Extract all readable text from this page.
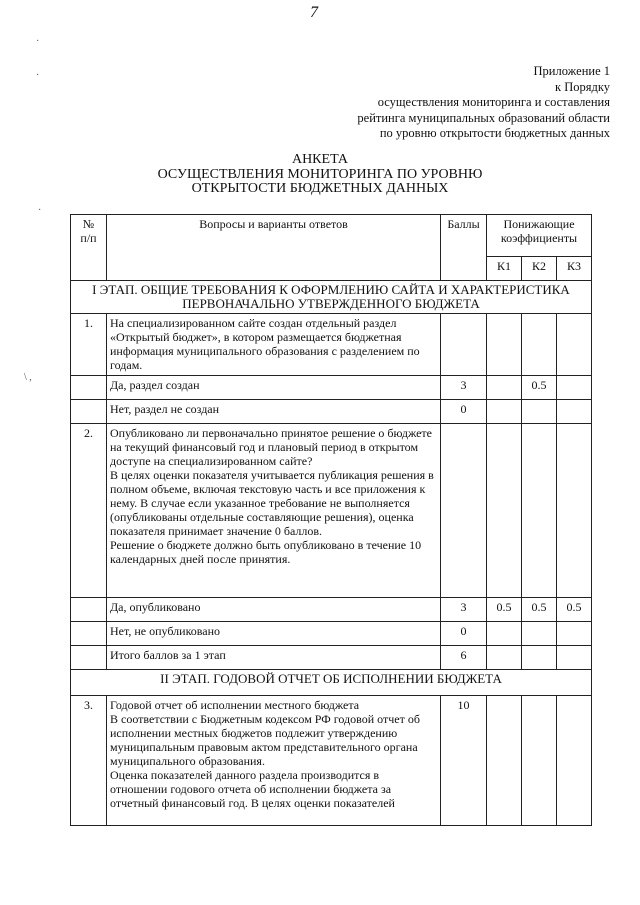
7
·
·
·
\ ,
Приложение 1
к Порядку
осуществления мониторинга и составления
рейтинга муниципальных образований области
по уровню открытости бюджетных данных
АНКЕТА
ОСУЩЕСТВЛЕНИЯ МОНИТОРИНГА ПО УРОВНЮ
ОТКРЫТОСТИ БЮДЖЕТНЫХ ДАННЫХ
№
п/п	Вопросы и варианты ответов	Баллы	Понижающие коэффициенты		
			К1	К2	К3
I ЭТАП. ОБЩИЕ ТРЕБОВАНИЯ К ОФОРМЛЕНИЮ САЙТА И ХАРАКТЕРИСТИКА ПЕРВОНАЧАЛЬНО УТВЕРЖДЕННОГО БЮДЖЕТА					
1.	На специализированном сайте создан отдельный раздел «Открытый бюджет», в котором размещается бюджетная информация муниципального образования с разделением по годам.				
	Да, раздел создан	3		0.5	
	Нет, раздел не создан	0			
2.	Опубликовано ли первоначально принятое решение о бюджете на текущий финансовый год и плановый период в открытом доступе на специализированном сайте?
В целях оценки показателя учитывается публикация решения в полном объеме, включая текстовую часть и все приложения к нему. В случае если указанное требование не выполняется (опубликованы отдельные составляющие решения), оценка показателя принимает значение 0 баллов.
Решение о бюджете должно быть опубликовано в течение 10 календарных дней после принятия.				
	Да, опубликовано	3	0.5	0.5	0.5
	Нет, не опубликовано	0			
	Итого баллов за 1 этап	6			
II ЭТАП. ГОДОВОЙ ОТЧЕТ ОБ ИСПОЛНЕНИИ БЮДЖЕТА					
3.	Годовой отчет об исполнении местного бюджета
В соответствии с Бюджетным кодексом РФ годовой отчет об исполнении местных бюджетов подлежит утверждению муниципальным правовым актом представительного органа муниципального образования.
Оценка показателей данного раздела производится в отношении годового отчета об исполнении бюджета за отчетный финансовый год. В целях оценки показателей	10			
